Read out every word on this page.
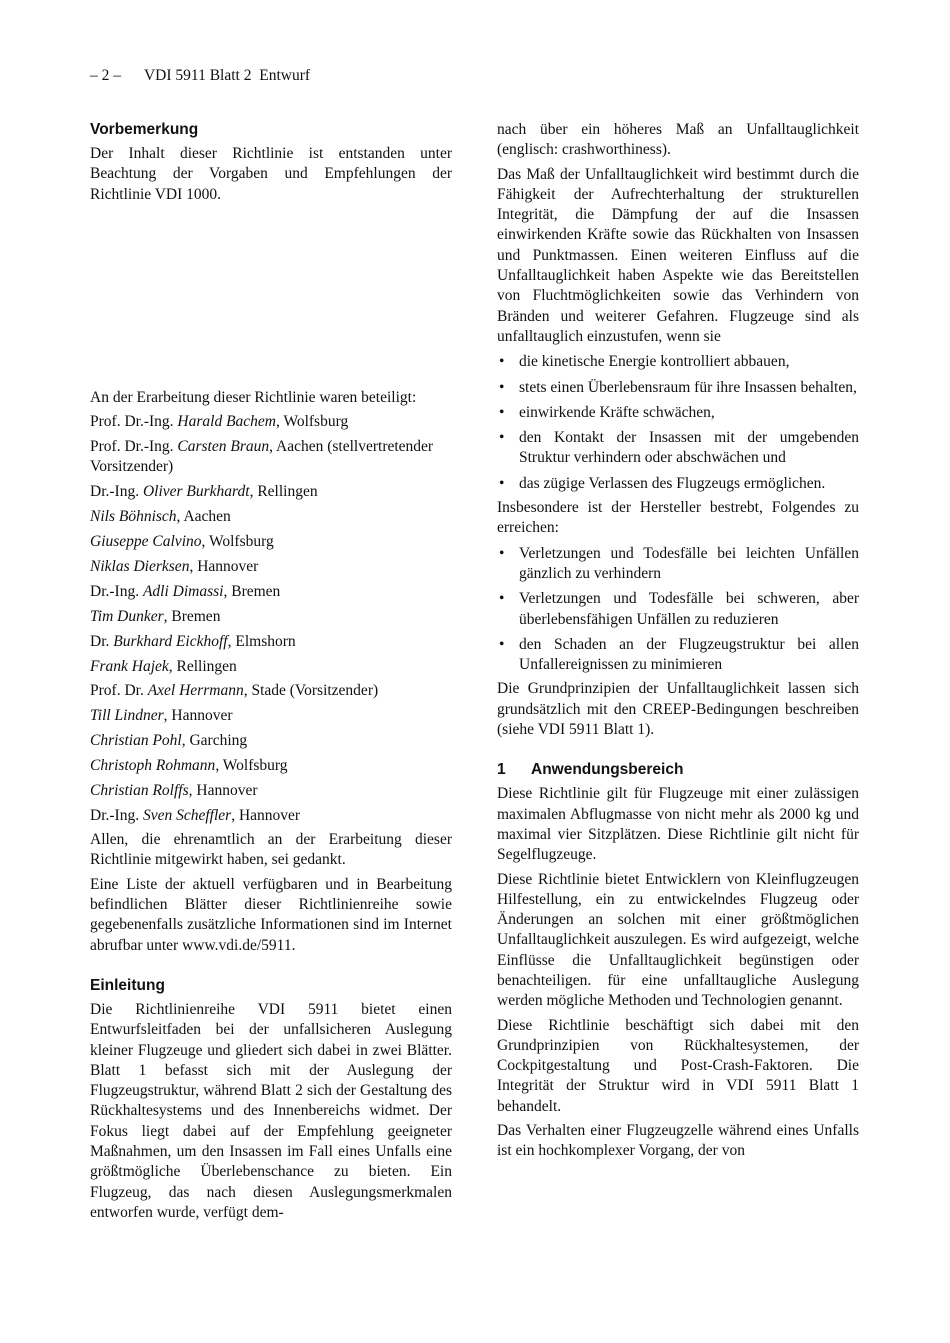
– 2 – VDI 5911 Blatt 2  Entwurf
Vorbemerkung

Der Inhalt dieser Richtlinie ist entstanden unter Beachtung der Vorgaben und Empfehlungen der Richtlinie VDI 1000.

An der Erarbeitung dieser Richtlinie waren beteiligt:

Prof. Dr.-Ing. Harald Bachem, Wolfsburg
Prof. Dr.-Ing. Carsten Braun, Aachen (stellvertretender Vorsitzender)
Dr.-Ing. Oliver Burkhardt, Rellingen
Nils Böhnisch, Aachen
Giuseppe Calvino, Wolfsburg
Niklas Dierksen, Hannover
Dr.-Ing. Adli Dimassi, Bremen
Tim Dunker, Bremen
Dr. Burkhard Eickhoff, Elmshorn
Frank Hajek, Rellingen
Prof. Dr. Axel Herrmann, Stade (Vorsitzender)
Till Lindner, Hannover
Christian Pohl, Garching
Christoph Rohmann, Wolfsburg
Christian Rolffs, Hannover
Dr.-Ing. Sven Scheffler, Hannover

Allen, die ehrenamtlich an der Erarbeitung dieser Richtlinie mitgewirkt haben, sei gedankt.

Eine Liste der aktuell verfügbaren und in Bearbeitung befindlichen Blätter dieser Richtlinienreihe sowie gegebenenfalls zusätzliche Informationen sind im Internet abrufbar unter www.vdi.de/5911.

Einleitung

Die Richtlinienreihe VDI 5911 bietet einen Entwurfsleitfaden bei der unfallsicheren Auslegung kleiner Flugzeuge und gliedert sich dabei in zwei Blätter. Blatt 1 befasst sich mit der Auslegung der Flugzeugstruktur, während Blatt 2 sich der Gestaltung des Rückhaltesystems und des Innenbereichs widmet. Der Fokus liegt dabei auf der Empfehlung geeigneter Maßnahmen, um den Insassen im Fall eines Unfalls eine größtmögliche Überlebenschance zu bieten. Ein Flugzeug, das nach diesen Auslegungsmerkmalen entworfen wurde, verfügt dem-

nach über ein höheres Maß an Unfalltauglichkeit (englisch: crashworthiness).

Das Maß der Unfalltauglichkeit wird bestimmt durch die Fähigkeit der Aufrechterhaltung der strukturellen Integrität, die Dämpfung der auf die Insassen einwirkenden Kräfte sowie das Rückhalten von Insassen und Punktmassen. Einen weiteren Einfluss auf die Unfalltauglichkeit haben Aspekte wie das Bereitstellen von Fluchtmöglichkeiten sowie das Verhindern von Bränden und weiterer Gefahren. Flugzeuge sind als unfalltauglich einzustufen, wenn sie

• die kinetische Energie kontrolliert abbauen,
• stets einen Überlebensraum für ihre Insassen behalten,
• einwirkende Kräfte schwächen,
• den Kontakt der Insassen mit der umgebenden Struktur verhindern oder abschwächen und
• das zügige Verlassen des Flugzeugs ermöglichen.

Insbesondere ist der Hersteller bestrebt, Folgendes zu erreichen:

• Verletzungen und Todesfälle bei leichten Unfällen gänzlich zu verhindern
• Verletzungen und Todesfälle bei schweren, aber überlebensfähigen Unfällen zu reduzieren
• den Schaden an der Flugzeugstruktur bei allen Unfallereignissen zu minimieren

Die Grundprinzipien der Unfalltauglichkeit lassen sich grundsätzlich mit den CREEP-Bedingungen beschreiben (siehe VDI 5911 Blatt 1).

1 Anwendungsbereich

Diese Richtlinie gilt für Flugzeuge mit einer zulässigen maximalen Abflugmasse von nicht mehr als 2000 kg und maximal vier Sitzplätzen. Diese Richtlinie gilt nicht für Segelflugzeuge.

Diese Richtlinie bietet Entwicklern von Kleinflugzeugen Hilfestellung, ein zu entwickelndes Flugzeug oder Änderungen an solchen mit einer größtmöglichen Unfalltauglichkeit auszulegen. Es wird aufgezeigt, welche Einflüsse die Unfalltauglichkeit begünstigen oder benachteiligen. für eine unfalltaugliche Auslegung werden mögliche Methoden und Technologien genannt.

Diese Richtlinie beschäftigt sich dabei mit den Grundprinzipien von Rückhaltesystemen, der Cockpitgestaltung und Post-Crash-Faktoren. Die Integrität der Struktur wird in VDI 5911 Blatt 1 behandelt.

Das Verhalten einer Flugzeugzelle während eines Unfalls ist ein hochkomplexer Vorgang, der von
